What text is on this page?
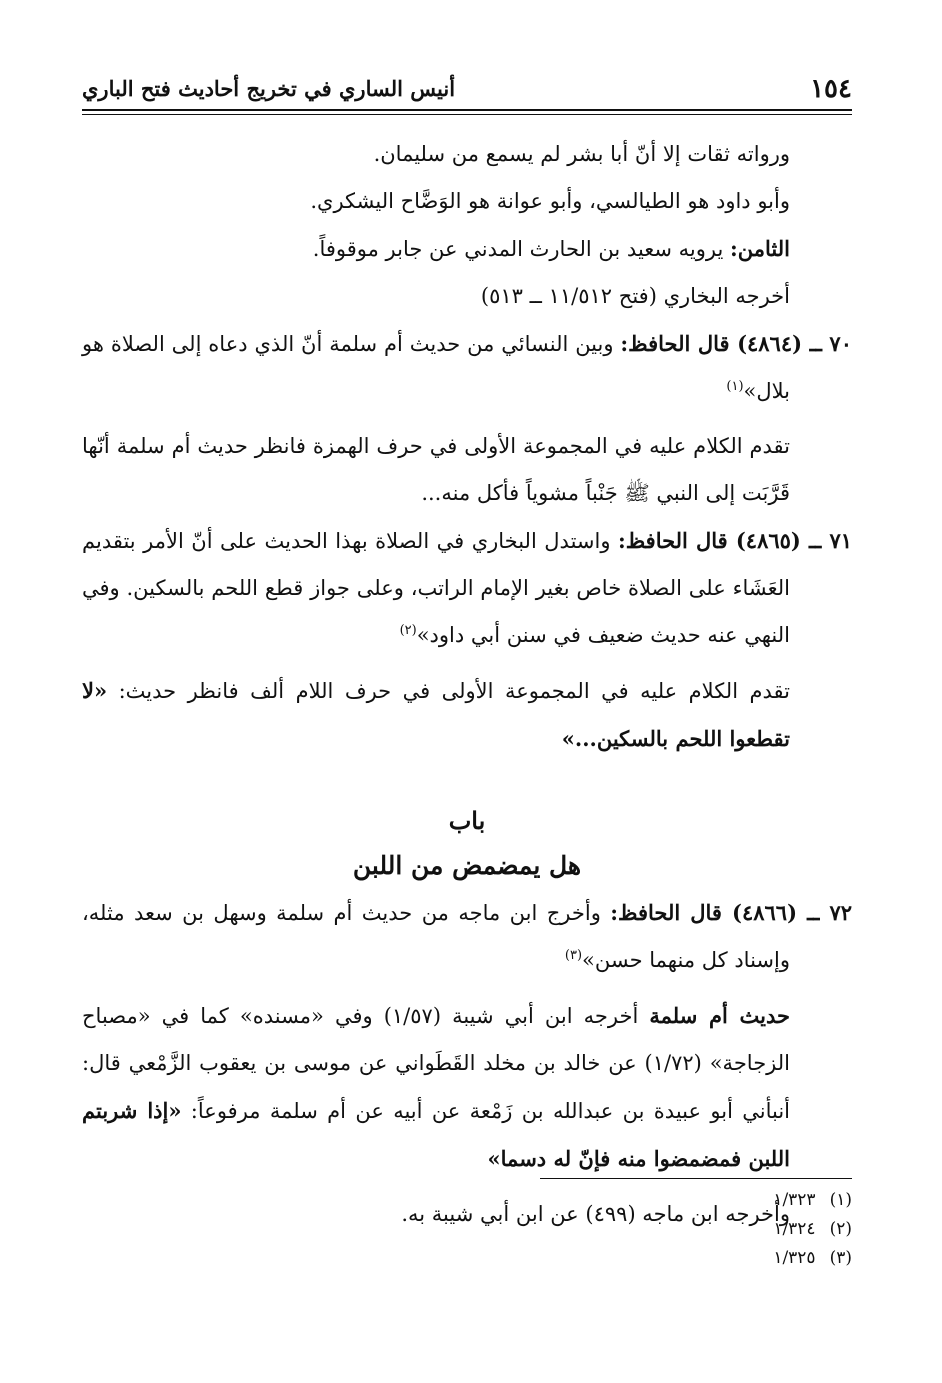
١٥٤
أنيس الساري في تخريج أحاديث فتح الباري

ورواته ثقات إلا أنّ أبا بشر لم يسمع من سليمان.

وأبو داود هو الطيالسي، وأبو عوانة هو الوَضَّاح اليشكري.

الثامن: يرويه سعيد بن الحارث المدني عن جابر موقوفاً.

أخرجه البخاري (فتح ١١/٥١٢ ــ ٥١٣)

٧٠ ــ (٤٨٦٤) قال الحافظ: وبين النسائي من حديث أم سلمة أنّ الذي دعاه إلى الصلاة هو بلال»$^{(١)}$

تقدم الكلام عليه في المجموعة الأولى في حرف الهمزة فانظر حديث أم سلمة أنّها قَرَّبَت إلى النبي ﷺ جَنْباً مشوياً فأكل منه...

٧١ ــ (٤٨٦٥) قال الحافظ: واستدل البخاري في الصلاة بهذا الحديث على أنّ الأمر بتقديم العَشَاء على الصلاة خاص بغير الإمام الراتب، وعلى جواز قطع اللحم بالسكين. وفي النهي عنه حديث ضعيف في سنن أبي داود»$^{(٢)}$

تقدم الكلام عليه في المجموعة الأولى في حرف اللام ألف فانظر حديث: «لا تقطعوا اللحم بالسكين...»

باب
هل يمضمض من اللبن

٧٢ ــ (٤٨٦٦) قال الحافظ: وأخرج ابن ماجه من حديث أم سلمة وسهل بن سعد مثله، وإسناد كل منهما حسن»$^{(٣)}$

حديث أم سلمة أخرجه ابن أبي شيبة (١/٥٧) وفي «مسنده» كما في «مصباح الزجاجة» (١/٧٢) عن خالد بن مخلد القَطَواني عن موسى بن يعقوب الزَّمْعي قال: أنبأني أبو عبيدة بن عبدالله بن زَمْعة عن أبيه عن أم سلمة مرفوعاً: «إذا شربتم اللبن فمضمضوا منه فإنّ له دسما»

وأخرجه ابن ماجه (٤٩٩) عن ابن أبي شيبة به.

(١)
١/٣٢٣
(٢)
١/٣٢٤
(٣)
١/٣٢٥
